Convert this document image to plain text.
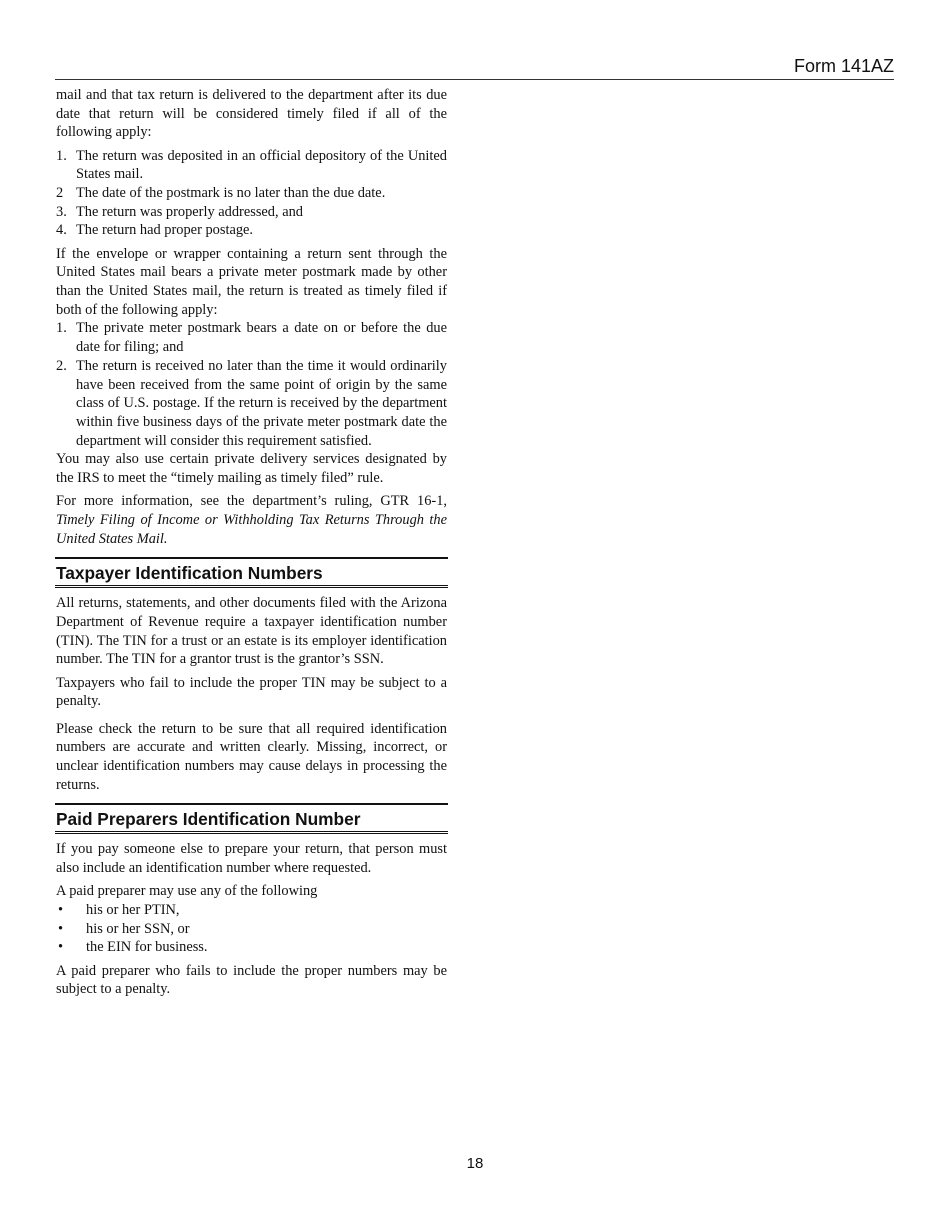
Form 141AZ

mail and that tax return is delivered to the department after its due date that return will be considered timely filed if all of the following apply:

1. The return was deposited in an official depository of the United States mail.
2 The date of the postmark is no later than the due date.
3. The return was properly addressed, and
4. The return had proper postage.

If the envelope or wrapper containing a return sent through the United States mail bears a private meter postmark made by other than the United States mail, the return is treated as timely filed if both of the following apply:

1. The private meter postmark bears a date on or before the due date for filing; and
2. The return is received no later than the time it would ordinarily have been received from the same point of origin by the same class of U.S. postage. If the return is received by the department within five business days of the private meter postmark date the department will consider this requirement satisfied.

You may also use certain private delivery services designated by the IRS to meet the “timely mailing as timely filed” rule.

For more information, see the department’s ruling, GTR 16-1, Timely Filing of Income or Withholding Tax Returns Through the United States Mail.

Taxpayer Identification Numbers

All returns, statements, and other documents filed with the Arizona Department of Revenue require a taxpayer identification number (TIN). The TIN for a trust or an estate is its employer identification number. The TIN for a grantor trust is the grantor’s SSN.

Taxpayers who fail to include the proper TIN may be subject to a penalty.

Please check the return to be sure that all required identification numbers are accurate and written clearly. Missing, incorrect, or unclear identification numbers may cause delays in processing the returns.

Paid Preparers Identification Number

If you pay someone else to prepare your return, that person must also include an identification number where requested.

A paid preparer may use any of the following

•	his or her PTIN,
•	his or her SSN, or
•	the EIN for business.

A paid preparer who fails to include the proper numbers may be subject to a penalty.

18
